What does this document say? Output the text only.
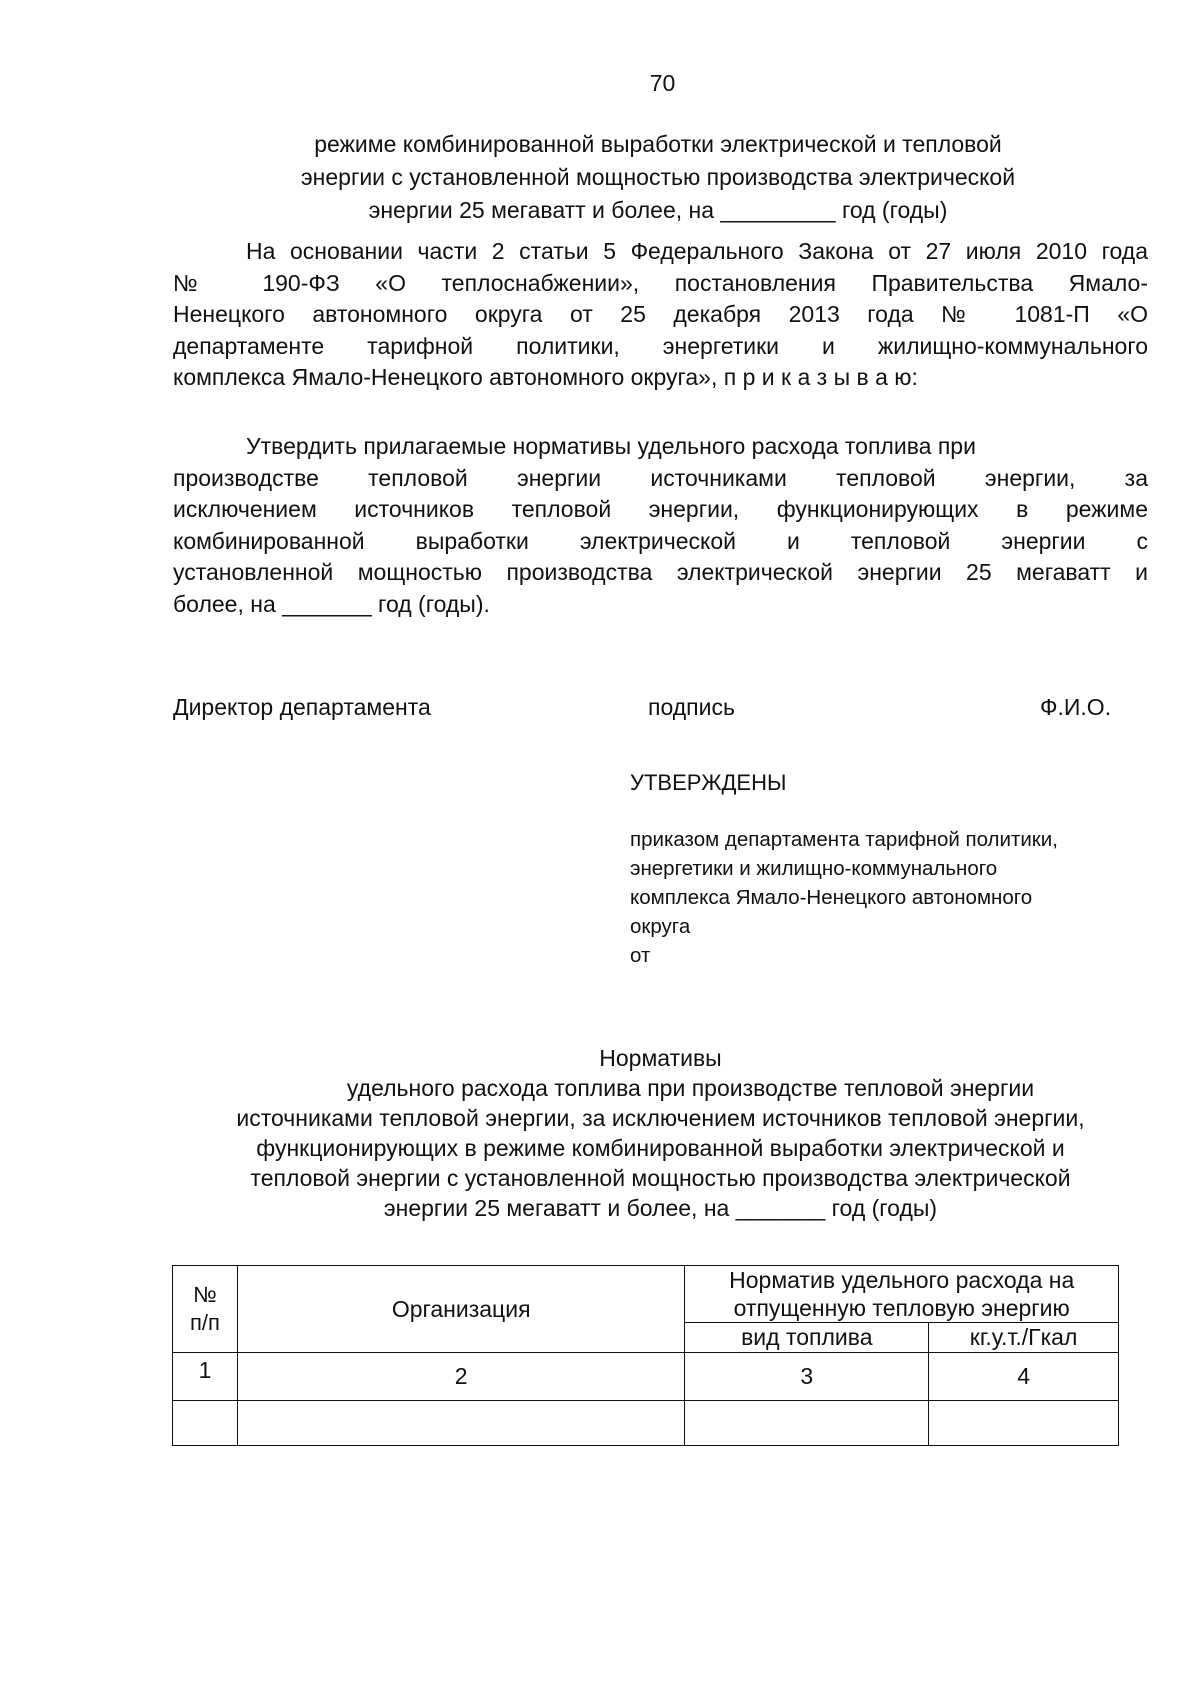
70
режиме комбинированной выработки электрической и тепловой
энергии с установленной мощностью производства электрической
энергии 25 мегаватт и более, на _________ год (годы)
На основании части 2 статьи 5 Федерального Закона от 27 июля 2010 года
№ 190-ФЗ «О теплоснабжении», постановления Правительства Ямало-
Ненецкого автономного округа от 25 декабря 2013 года № 1081-П «О
департаменте тарифной политики, энергетики и жилищно-коммунального
комплекса Ямало-Ненецкого автономного округа», п р и к а з ы в а ю:
Утвердить прилагаемые нормативы удельного расхода топлива при
производстве тепловой энергии источниками тепловой энергии, за
исключением источников тепловой энергии, функционирующих в режиме
комбинированной выработки электрической и тепловой энергии с
установленной мощностью производства электрической энергии 25 мегаватт и
более, на _______ год (годы).
Директор департамента	подпись	Ф.И.О.
УТВЕРЖДЕНЫ
приказом департамента тарифной политики,
энергетики и жилищно-коммунального
комплекса Ямало-Ненецкого автономного
округа
от
Нормативы
удельного расхода топлива при производстве тепловой энергии
источниками тепловой энергии, за исключением источников тепловой энергии,
функционирующих в режиме комбинированной выработки электрической и
тепловой энергии с установленной мощностью производства электрической
энергии 25 мегаватт и более, на _______ год (годы)
№
п/п	Организация	Норматив удельного расхода на
отпущенную тепловую энергию	
		вид топлива	кг.у.т./Гкал
1	2	3	4
